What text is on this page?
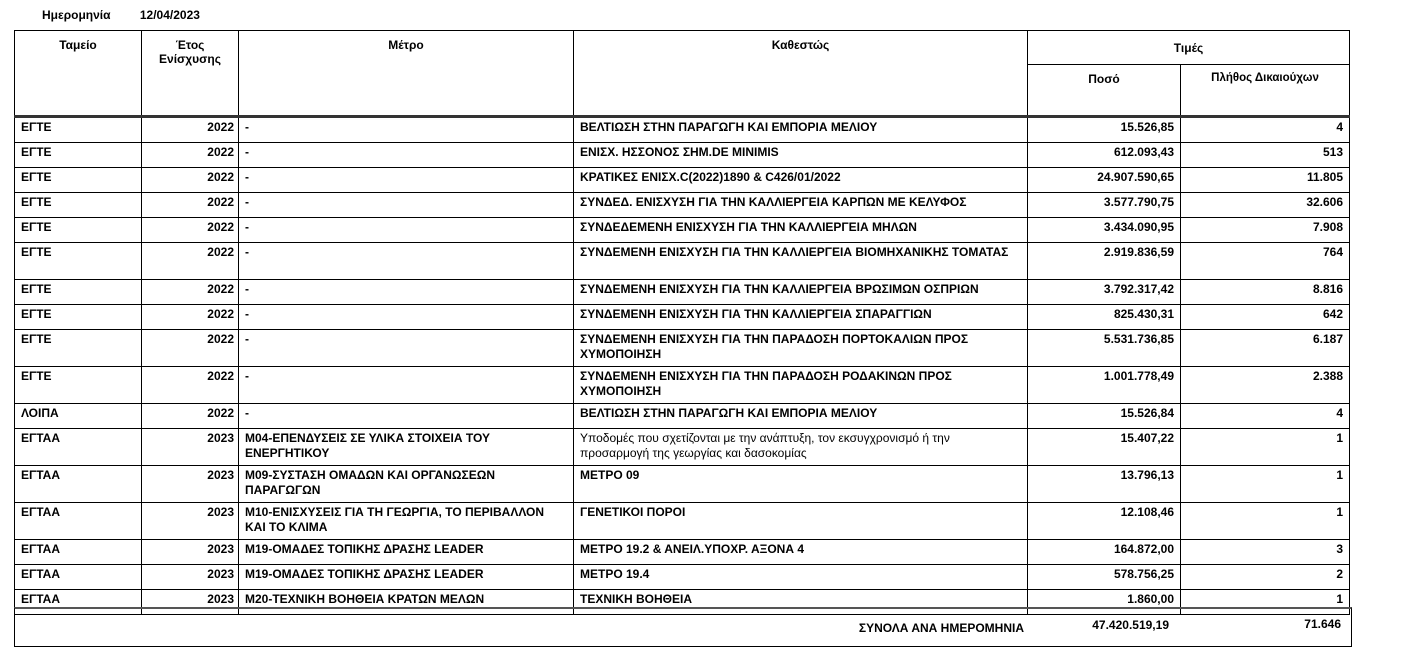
Ημερομηνία 12/04/2023
Ταμείο	Έτος Ενίσχυσης	Μέτρο	Καθεστώς	Τιμές	
				Ποσό	Πλήθος Δικαιούχων
ΕΓΤΕ	2022	-	ΒΕΛΤΙΩΣΗ ΣΤΗΝ ΠΑΡΑΓΩΓΗ ΚΑΙ ΕΜΠΟΡΙΑ ΜΕΛΙΟΥ	15.526,85	4
ΕΓΤΕ	2022	-	ΕΝΙΣΧ. ΗΣΣΟΝΟΣ ΣΗΜ.DE MINIMIS	612.093,43	513
ΕΓΤΕ	2022	-	ΚΡΑΤΙΚΕΣ ΕΝΙΣΧ.C(2022)1890 & C426/01/2022	24.907.590,65	11.805
ΕΓΤΕ	2022	-	ΣΥΝΔΕΔ. ΕΝΙΣΧΥΣΗ ΓΙΑ ΤΗΝ ΚΑΛΛΙΕΡΓΕΙΑ ΚΑΡΠΩΝ ΜΕ ΚΕΛΥΦΟΣ	3.577.790,75	32.606
ΕΓΤΕ	2022	-	ΣΥΝΔΕΔΕΜΕΝΗ ΕΝΙΣΧΥΣΗ ΓΙΑ ΤΗΝ ΚΑΛΛΙΕΡΓΕΙΑ ΜΗΛΩΝ	3.434.090,95	7.908
ΕΓΤΕ	2022	-	ΣΥΝΔΕΜΕΝΗ ΕΝΙΣΧΥΣΗ ΓΙΑ ΤΗΝ ΚΑΛΛΙΕΡΓΕΙΑ ΒΙΟΜΗΧΑΝΙΚΗΣ ΤΟΜΑΤΑΣ	2.919.836,59	764
ΕΓΤΕ	2022	-	ΣΥΝΔΕΜΕΝΗ ΕΝΙΣΧΥΣΗ ΓΙΑ ΤΗΝ ΚΑΛΛΙΕΡΓΕΙΑ ΒΡΩΣΙΜΩΝ ΟΣΠΡΙΩΝ	3.792.317,42	8.816
ΕΓΤΕ	2022	-	ΣΥΝΔΕΜΕΝΗ ΕΝΙΣΧΥΣΗ ΓΙΑ ΤΗΝ ΚΑΛΛΙΕΡΓΕΙΑ ΣΠΑΡΑΓΓΙΩΝ	825.430,31	642
ΕΓΤΕ	2022	-	ΣΥΝΔΕΜΕΝΗ ΕΝΙΣΧΥΣΗ ΓΙΑ ΤΗΝ ΠΑΡΑΔΟΣΗ ΠΟΡΤΟΚΑΛΙΩΝ ΠΡΟΣ ΧΥΜΟΠΟΙΗΣΗ	5.531.736,85	6.187
ΕΓΤΕ	2022	-	ΣΥΝΔΕΜΕΝΗ ΕΝΙΣΧΥΣΗ ΓΙΑ ΤΗΝ ΠΑΡΑΔΟΣΗ ΡΟΔΑΚΙΝΩΝ ΠΡΟΣ ΧΥΜΟΠΟΙΗΣΗ	1.001.778,49	2.388
ΛΟΙΠΑ	2022	-	ΒΕΛΤΙΩΣΗ ΣΤΗΝ ΠΑΡΑΓΩΓΗ ΚΑΙ ΕΜΠΟΡΙΑ ΜΕΛΙΟΥ	15.526,84	4
ΕΓΤΑΑ	2023	Μ04-ΕΠΕΝΔΥΣΕΙΣ ΣΕ ΥΛΙΚΑ ΣΤΟΙΧΕΙΑ ΤΟΥ ΕΝΕΡΓΗΤΙΚΟΥ	Υποδομές που σχετίζονται με την ανάπτυξη, τον εκσυγχρονισμό ή την προσαρμογή της γεωργίας και δασοκομίας	15.407,22	1
ΕΓΤΑΑ	2023	Μ09-ΣΥΣΤΑΣΗ ΟΜΑΔΩΝ ΚΑΙ ΟΡΓΑΝΩΣΕΩΝ ΠΑΡΑΓΩΓΩΝ	ΜΕΤΡΟ 09	13.796,13	1
ΕΓΤΑΑ	2023	Μ10-ΕΝΙΣΧΥΣΕΙΣ ΓΙΑ ΤΗ ΓΕΩΡΓΙΑ, ΤΟ ΠΕΡΙΒΑΛΛΟΝ ΚΑΙ ΤΟ ΚΛΙΜΑ	ΓΕΝΕΤΙΚΟΙ ΠΟΡΟΙ	12.108,46	1
ΕΓΤΑΑ	2023	Μ19-ΟΜΑΔΕΣ ΤΟΠΙΚΗΣ ΔΡΑΣΗΣ LEADER	ΜΕΤΡΟ 19.2 & ΑΝΕΙΛ.ΥΠΟΧΡ. ΑΞΟΝΑ 4	164.872,00	3
ΕΓΤΑΑ	2023	Μ19-ΟΜΑΔΕΣ ΤΟΠΙΚΗΣ ΔΡΑΣΗΣ LEADER	ΜΕΤΡΟ 19.4	578.756,25	2
ΕΓΤΑΑ	2023	Μ20-ΤΕΧΝΙΚΗ ΒΟΗΘΕΙΑ ΚΡΑΤΩΝ ΜΕΛΩΝ	ΤΕΧΝΙΚΗ ΒΟΗΘΕΙΑ	1.860,00	1
ΣΥΝΟΛΑ ΑΝΑ ΗΜΕΡΟΜΗΝΙΑ	47.420.519,19	71.646
